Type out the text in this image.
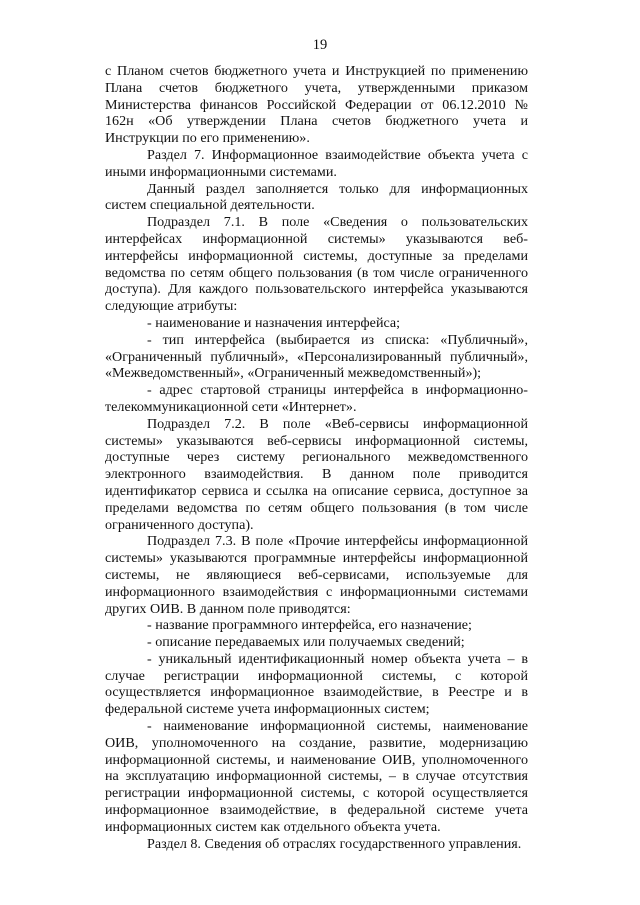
19

с Планом счетов бюджетного учета и Инструкцией по применению Плана счетов бюджетного учета, утвержденными приказом Министерства финансов Российской Федерации от 06.12.2010 № 162н «Об утверждении Плана счетов бюджетного учета и Инструкции по его применению».

Раздел 7. Информационное взаимодействие объекта учета с иными информационными системами.

Данный раздел заполняется только для информационных систем специальной деятельности.

Подраздел 7.1. В поле «Сведения о пользовательских интерфейсах информационной системы» указываются веб-интерфейсы информационной системы, доступные за пределами ведомства по сетям общего пользования (в том числе ограниченного доступа). Для каждого пользовательского интерфейса указываются следующие атрибуты:

- наименование и назначения интерфейса;

- тип интерфейса (выбирается из списка: «Публичный», «Ограниченный публичный», «Персонализированный публичный», «Межведомственный», «Ограниченный межведомственный»);

- адрес стартовой страницы интерфейса в информационно-телекоммуникационной сети «Интернет».

Подраздел 7.2. В поле «Веб-сервисы информационной системы» указываются веб-сервисы информационной системы, доступные через систему регионального межведомственного электронного взаимодействия. В данном поле приводится идентификатор сервиса и ссылка на описание сервиса, доступное за пределами ведомства по сетям общего пользования (в том числе ограниченного доступа).

Подраздел 7.3. В поле «Прочие интерфейсы информационной системы» указываются программные интерфейсы информационной системы, не являющиеся веб-сервисами, используемые для информационного взаимодействия с информационными системами других ОИВ. В данном поле приводятся:

- название программного интерфейса, его назначение;

- описание передаваемых или получаемых сведений;

- уникальный идентификационный номер объекта учета – в случае регистрации информационной системы, с которой осуществляется информационное взаимодействие, в Реестре и в федеральной системе учета информационных систем;

- наименование информационной системы, наименование ОИВ, уполномоченного на создание, развитие, модернизацию информационной системы, и наименование ОИВ, уполномоченного на эксплуатацию информационной системы, – в случае отсутствия регистрации информационной системы, с которой осуществляется информационное взаимодействие, в федеральной системе учета информационных систем как отдельного объекта учета.

Раздел 8. Сведения об отраслях государственного управления.
